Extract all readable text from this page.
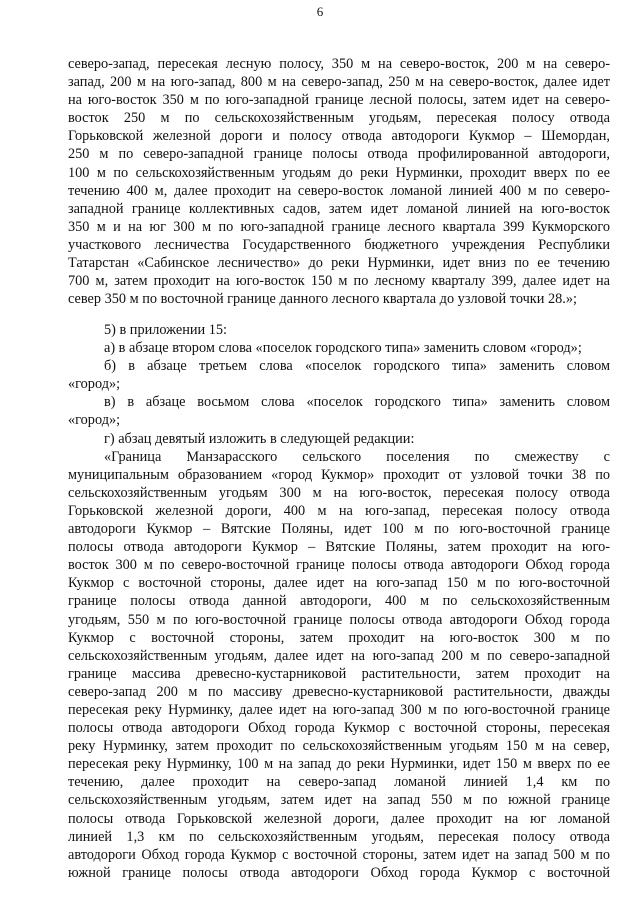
6
северо-запад, пересекая лесную полосу, 350 м на северо-восток, 200 м на северо-
запад, 200 м на юго-запад, 800 м на северо-запад, 250 м на северо-восток, далее идет
на юго-восток 350 м по юго-западной границе лесной полосы, затем идет на северо-
восток 250 м по сельскохозяйственным угодьям, пересекая полосу отвода
Горьковской железной дороги и полосу отвода автодороги Кукмор – Шемордан,
250 м по северо-западной границе полосы отвода профилированной автодороги,
100 м по сельскохозяйственным угодьям до реки Нурминки, проходит вверх по ее
течению 400 м, далее проходит на северо-восток ломаной линией 400 м по северо-
западной границе коллективных садов, затем идет ломаной линией на юго-восток
350 м и на юг 300 м по юго-западной границе лесного квартала 399 Кукморского
участкового лесничества Государственного бюджетного учреждения Республики
Татарстан «Сабинское лесничество» до реки Нурминки, идет вниз по ее течению
700 м, затем проходит на юго-восток 150 м по лесному кварталу 399, далее идет на
север 350 м по восточной границе данного лесного квартала до узловой точки 28.»;
5) в приложении 15:
а) в абзаце втором слова «поселок городского типа» заменить словом «город»;
б) в абзаце третьем слова «поселок городского типа» заменить словом
«город»;
в) в абзаце восьмом слова «поселок городского типа» заменить словом
«город»;
г) абзац девятый изложить в следующей редакции:
«Граница Манзарасского сельского поселения по смежеству с
муниципальным образованием «город Кукмор» проходит от узловой точки 38 по
сельскохозяйственным угодьям 300 м на юго-восток, пересекая полосу отвода
Горьковской железной дороги, 400 м на юго-запад, пересекая полосу отвода
автодороги Кукмор – Вятские Поляны, идет 100 м по юго-восточной границе
полосы отвода автодороги Кукмор – Вятские Поляны, затем проходит на юго-
восток 300 м по северо-восточной границе полосы отвода автодороги Обход города
Кукмор с восточной стороны, далее идет на юго-запад 150 м по юго-восточной
границе полосы отвода данной автодороги, 400 м по сельскохозяйственным
угодьям, 550 м по юго-восточной границе полосы отвода автодороги Обход города
Кукмор с восточной стороны, затем проходит на юго-восток 300 м по
сельскохозяйственным угодьям, далее идет на юго-запад 200 м по северо-западной
границе массива древесно-кустарниковой растительности, затем проходит на
северо-запад 200 м по массиву древесно-кустарниковой растительности, дважды
пересекая реку Нурминку, далее идет на юго-запад 300 м по юго-восточной границе
полосы отвода автодороги Обход города Кукмор с восточной стороны, пересекая
реку Нурминку, затем проходит по сельскохозяйственным угодьям 150 м на север,
пересекая реку Нурминку, 100 м на запад до реки Нурминки, идет 150 м вверх по ее
течению, далее проходит на северо-запад ломаной линией 1,4 км по
сельскохозяйственным угодьям, затем идет на запад 550 м по южной границе
полосы отвода Горьковской железной дороги, далее проходит на юг ломаной
линией 1,3 км по сельскохозяйственным угодьям, пересекая полосу отвода
автодороги Обход города Кукмор с восточной стороны, затем идет на запад 500 м по
южной границе полосы отвода автодороги Обход города Кукмор с восточной
